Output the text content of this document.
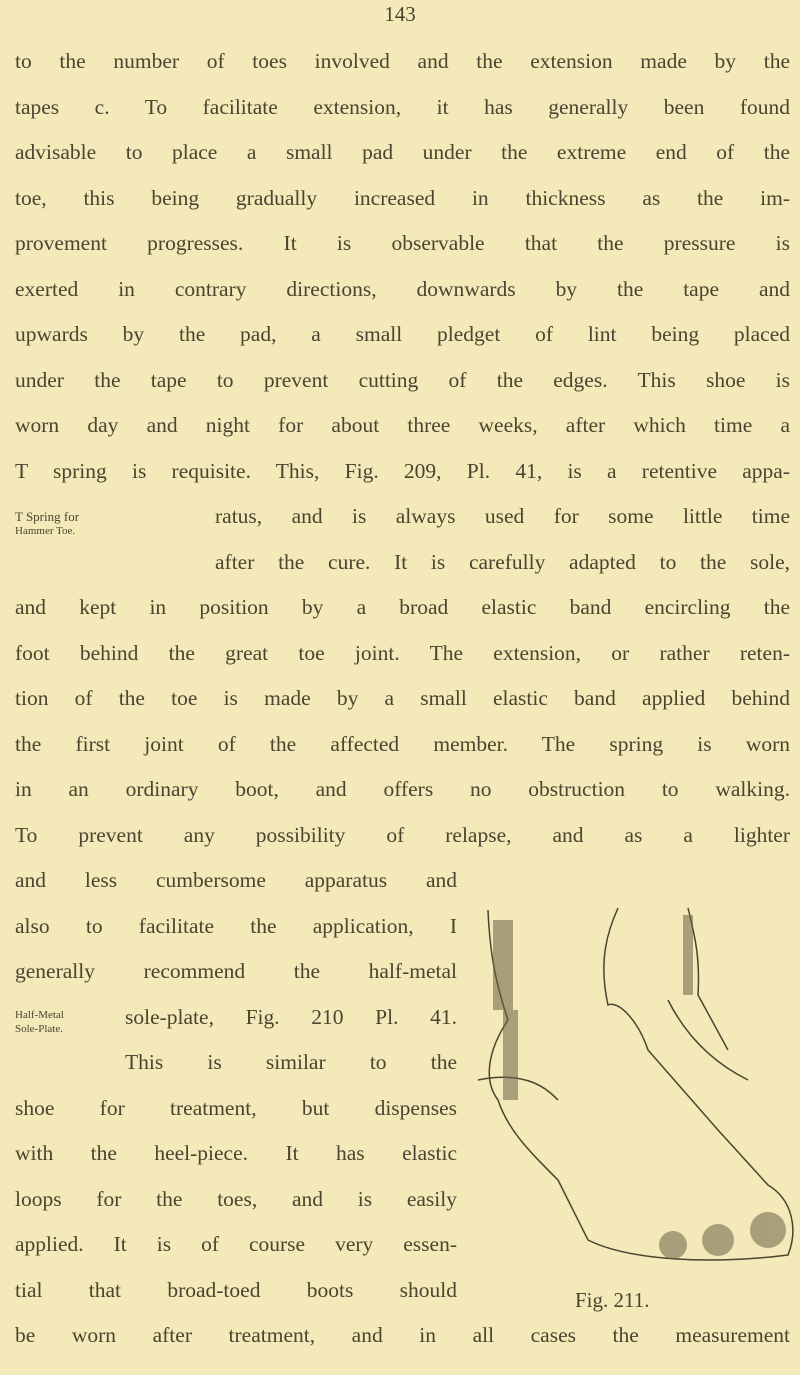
143
to the number of toes involved and the extension made by the
tapes c. To facilitate extension, it has generally been found
advisable to place a small pad under the extreme end of the
toe, this being gradually increased in thickness as the im-
provement progresses. It is observable that the pressure is
exerted in contrary directions, downwards by the tape and
upwards by the pad, a small pledget of lint being placed
under the tape to prevent cutting of the edges. This shoe is
worn day and night for about three weeks, after which time a
T spring is requisite. This, Fig. 209, Pl. 41, is a retentive appa-
ratus, and is always used for some little time
after the cure. It is carefully adapted to the sole,
and kept in position by a broad elastic band encircling the
foot behind the great toe joint. The extension, or rather reten-
tion of the toe is made by a small elastic band applied behind
the first joint of the affected member. The spring is worn
in an ordinary boot, and offers no obstruction to walking.
To prevent any possibility of relapse, and as a lighter
and less cumbersome apparatus and
also to facilitate the application, I
generally recommend the half-metal
sole-plate, Fig. 210 Pl. 41.
This is similar to the
shoe for treatment, but dispenses
with the heel-piece. It has elastic
loops for the toes, and is easily
applied. It is of course very essen-
tial that broad-toed boots should
be worn after treatment, and in all cases the measurement
T Spring for
Hammer Toe.
Half-Metal
Sole-Plate.
Fig. 211.
